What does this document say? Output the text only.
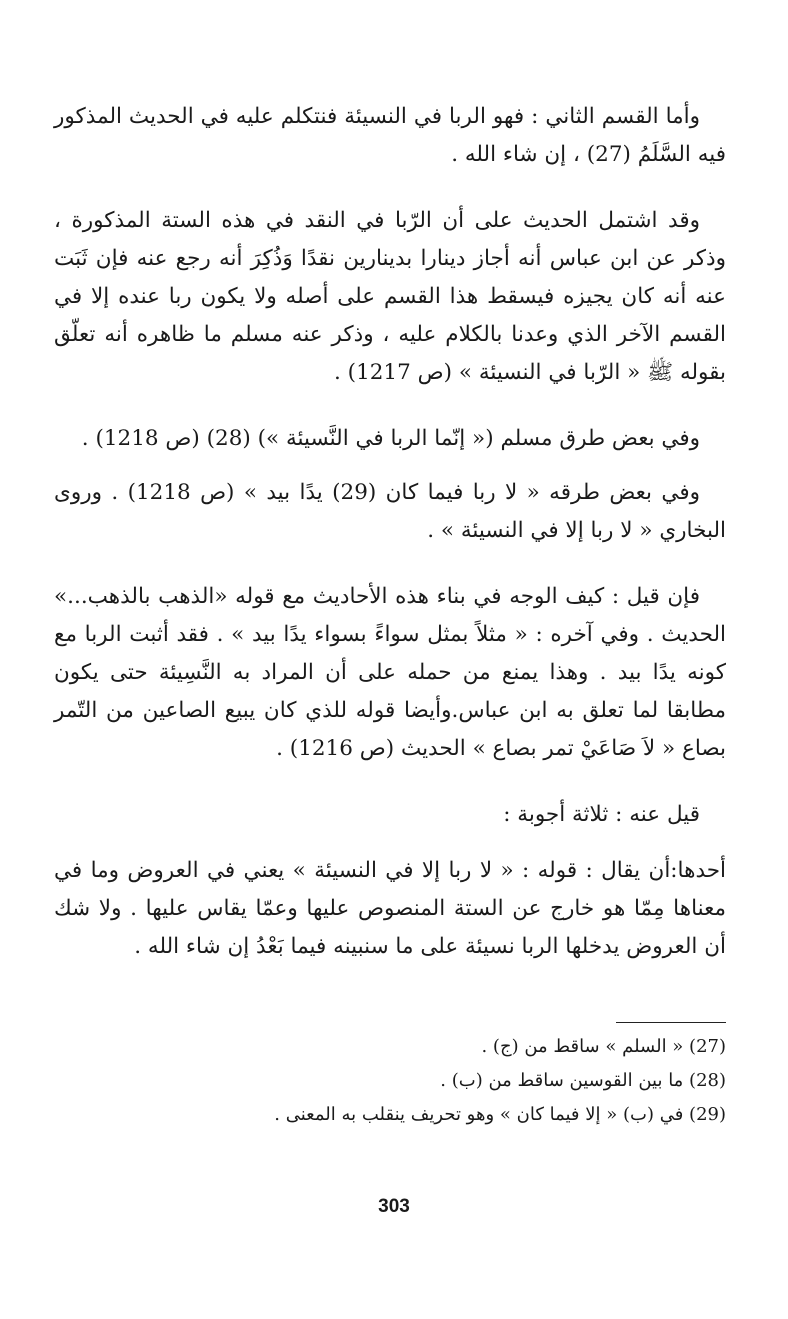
وأما القسم الثاني : فهو الربا في النسيئة فنتكلم عليه في الحديث المذكور فيه السَّلَمُ (27) ، إن شاء الله .

وقد اشتمل الحديث على أن الرّبا في النقد في هذه الستة المذكورة ، وذكر عن ابن عباس أنه أجاز دينارا بدينارين نقدًا وَذُكِرَ أنه رجع عنه فإن ثَبَت عنه أنه كان يجيزه فيسقط هذا القسم على أصله ولا يكون ربا عنده إلا في القسم الآخر الذي وعدنا بالكلام عليه ، وذكر عنه مسلم ما ظاهره أنه تعلّق بقوله ﷺ « الرّبا في النسيئة » (ص 1217) .

وفي بعض طرق مسلم (« إنّما الربا في النَّسيئة ») (28) (ص 1218) .

وفي بعض طرقه « لا ربا فيما كان (29) يدًا بيد » (ص 1218) . وروى البخاري « لا ربا إلا في النسيئة » .

فإن قيل : كيف الوجه في بناء هذه الأحاديث مع قوله «الذهب بالذهب...» الحديث . وفي آخره : « مثلاً بمثل سواءً بسواء يدًا بيد » . فقد أثبت الربا مع كونه يدًا بيد . وهذا يمنع من حمله على أن المراد به النَّسِيئة حتى يكون مطابقا لما تعلق به ابن عباس.وأيضا قوله للذي كان يبيع الصاعين من التّمر بصاع « لاَ صَاعَيْ تمر بصاع » الحديث (ص 1216) .

قيل عنه : ثلاثة أجوبة :

أحدها:أن يقال : قوله : « لا ربا إلا في النسيئة » يعني في العروض وما في معناها مِمّا هو خارج عن الستة المنصوص عليها وعمّا يقاس عليها . ولا شك أن العروض يدخلها الربا نسيئة على ما سنبينه فيما بَعْدُ إن شاء الله .

(27) « السلم » ساقط من (ج) .
(28) ما بين القوسين ساقط من (ب) .
(29) في (ب) « إلا فيما كان » وهو تحريف ينقلب به المعنى .
303
